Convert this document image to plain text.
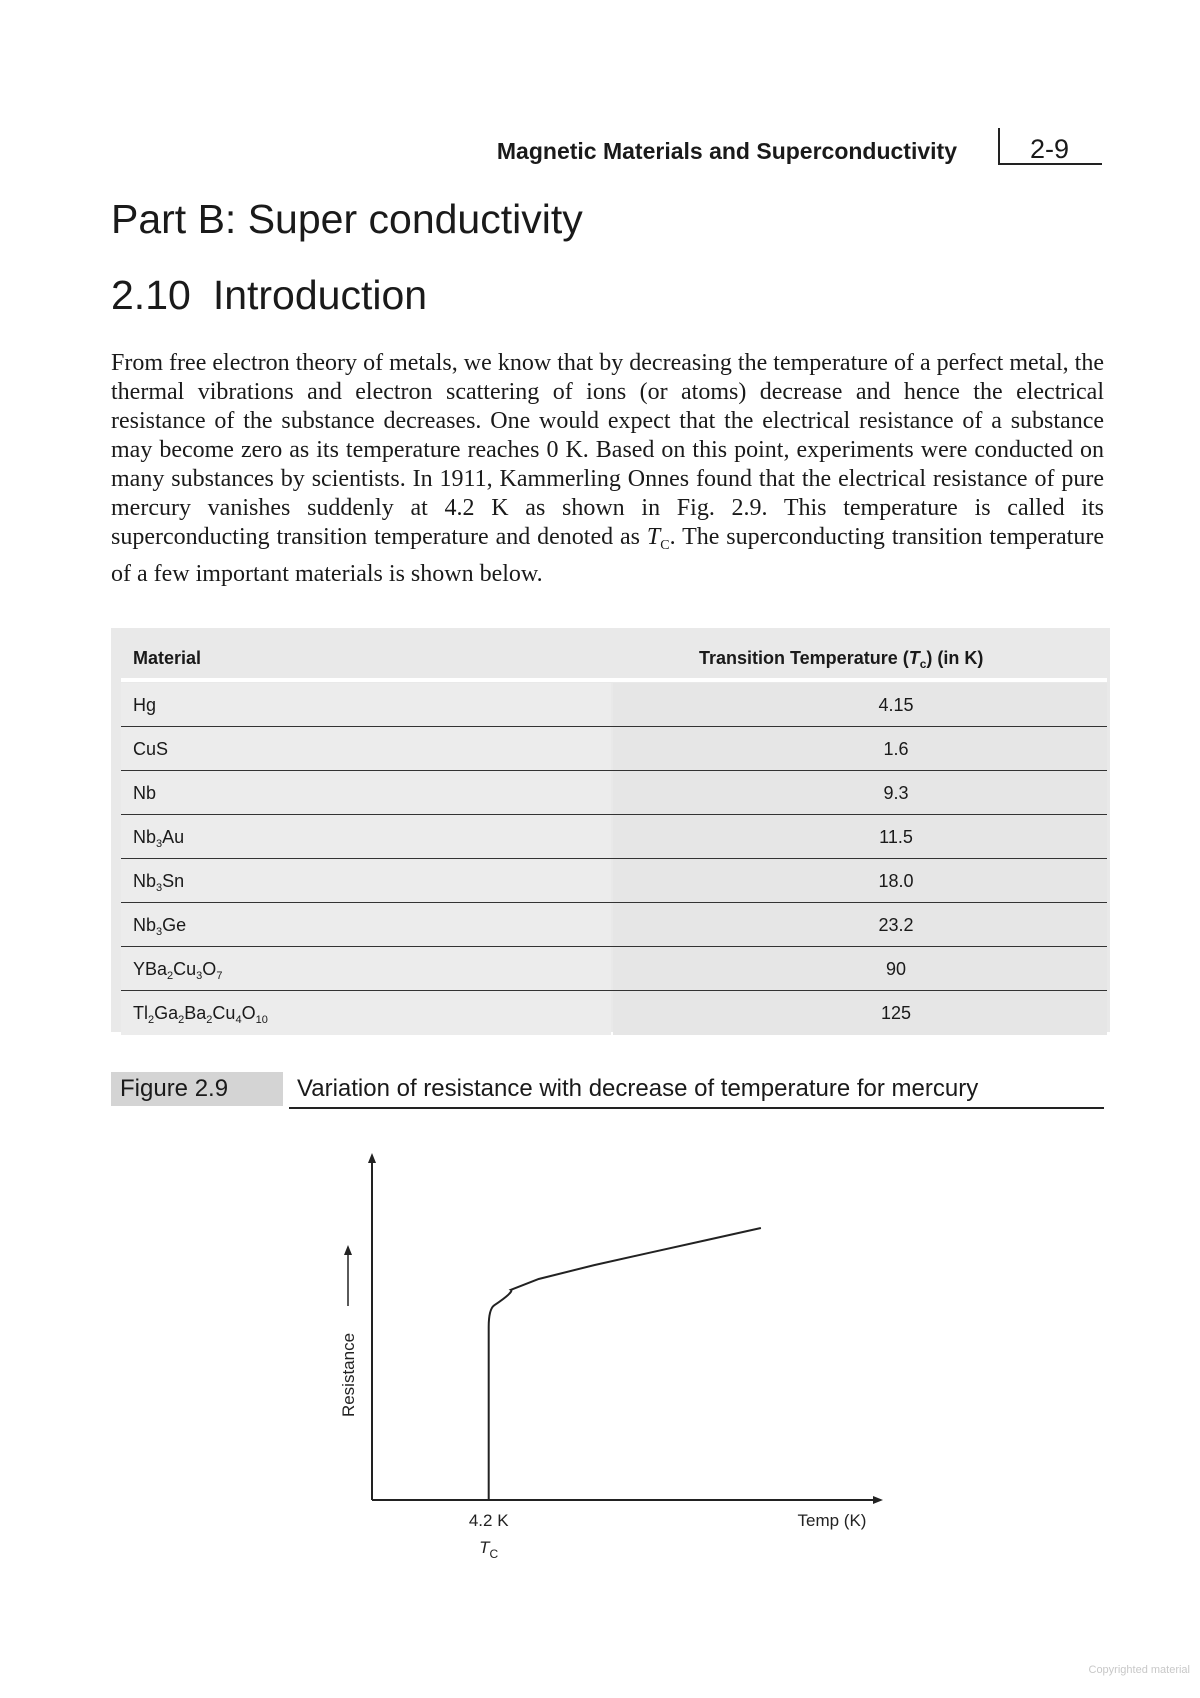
Magnetic Materials and Superconductivity	2-9
Part B: Super conductivity
2.10 Introduction

From free electron theory of metals, we know that by decreasing the temperature of a perfect metal, the thermal vibrations and electron scattering of ions (or atoms) decrease and hence the electrical resistance of the substance decreases. One would expect that the electrical resistance of a substance may become zero as its temperature reaches 0 K. Based on this point, experiments were conducted on many substances by scientists. In 1911, Kammerling Onnes found that the electrical resistance of pure mercury vanishes suddenly at 4.2 K as shown in Fig. 2.9. This temperature is called its superconducting transition temperature and denoted as $T_C$. The superconducting transition temperature of a few important materials is shown below.

Material	Transition Temperature $(T_c)$ (in K)
Hg	4.15
CuS	1.6
Nb	9.3
$Nb_3Au$	11.5
$Nb_3Sn$	18.0
$Nb_3Ge$	23.2
$YBa_2Cu_3O_7$	90
$Tl_2Ga_2Ba_2Cu_4O_{10}$	125
Figure 2.9	Variation of resistance with decrease of temperature for mercury
Resistance
4.2 K
$T_C$
Temp (K)
Copyrighted material
